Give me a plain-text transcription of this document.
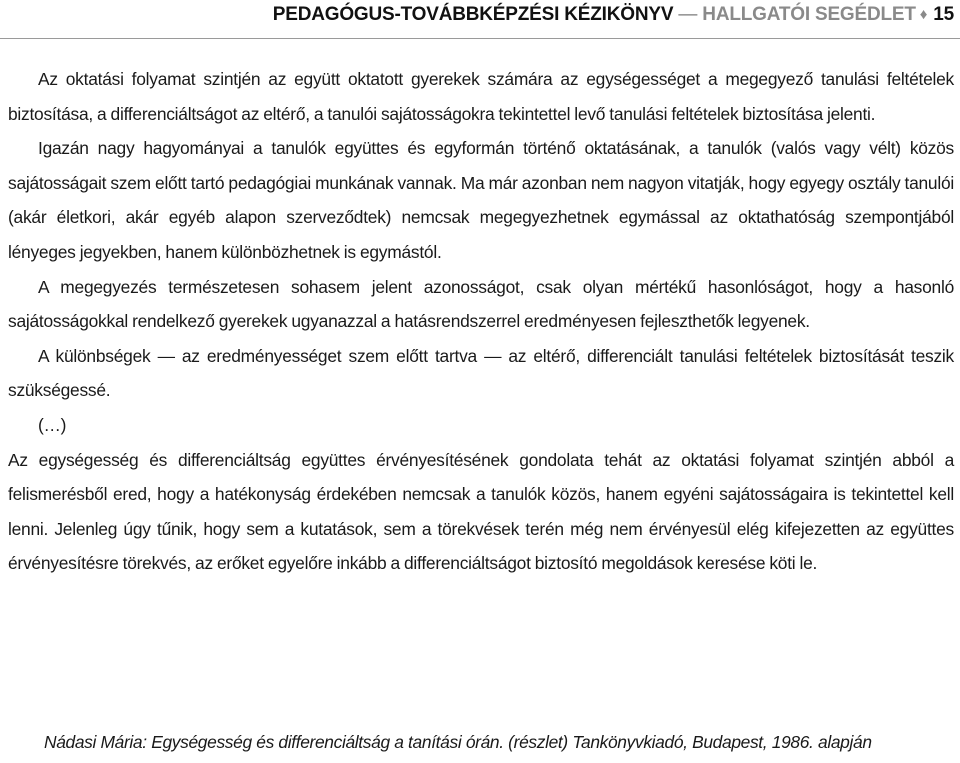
PEDAGÓGUS-TOVÁBBKÉPZÉSI KÉZIKÖNYV — HALLGATÓI SEGÉDLET ♦ 15

Az oktatási folyamat szintjén az együtt oktatott gyerekek számára az egységességet a megegyező tanulási feltételek biztosítása, a differenciáltságot az eltérő, a tanulói sajátosságokra tekintettel levő tanulási feltételek biztosítása jelenti.

Igazán nagy hagyományai a tanulók együttes és egyformán történő oktatásának, a tanulók (valós vagy vélt) közös sajátosságait szem előtt tartó pedagógiai munkának vannak. Ma már azonban nem nagyon vitatják, hogy egyegy osztály tanulói (akár életkori, akár egyéb alapon szerveződtek) nemcsak megegyezhetnek egymással az oktathatóság szempontjából lényeges jegyekben, hanem különbözhetnek is egymástól.

A megegyezés természetesen sohasem jelent azonosságot, csak olyan mértékű hasonlóságot, hogy a hasonló sajátosságokkal rendelkező gyerekek ugyanazzal a hatásrendszerrel eredményesen fejleszthetők legyenek.

A különbségek — az eredményességet szem előtt tartva — az eltérő, differenciált tanulási feltételek biztosítását teszik szükségessé.

(…)

Az egységesség és differenciáltság együttes érvényesítésének gondolata tehát az oktatási folyamat szintjén abból a felismerésből ered, hogy a hatékonyság érdekében nemcsak a tanulók közös, hanem egyéni sajátosságaira is tekintettel kell lenni. Jelenleg úgy tűnik, hogy sem a kutatások, sem a törekvések terén még nem érvényesül elég kifejezetten az együttes érvényesítésre törekvés, az erőket egyelőre inkább a differenciáltságot biztosító megoldások keresése köti le.

Nádasi Mária: Egységesség és differenciáltság a tanítási órán. (részlet) Tankönyvkiadó, Budapest, 1986. alapján
